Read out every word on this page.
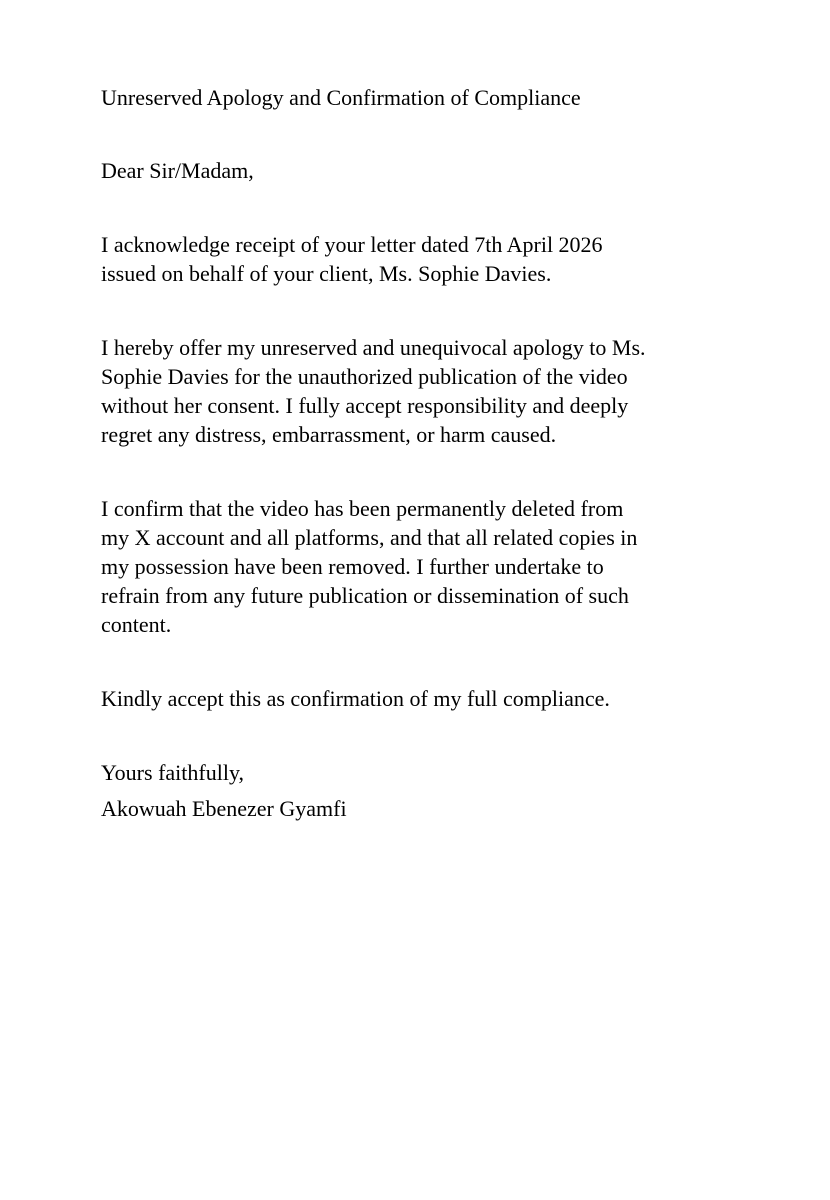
Unreserved Apology and Confirmation of Compliance
Dear Sir/Madam,
I acknowledge receipt of your letter dated 7th April 2026
issued on behalf of your client, Ms. Sophie Davies.
I hereby offer my unreserved and unequivocal apology to Ms.
Sophie Davies for the unauthorized publication of the video
without her consent. I fully accept responsibility and deeply
regret any distress, embarrassment, or harm caused.
I confirm that the video has been permanently deleted from
my X account and all platforms, and that all related copies in
my possession have been removed. I further undertake to
refrain from any future publication or dissemination of such
content.
Kindly accept this as confirmation of my full compliance.
Yours faithfully,
Akowuah Ebenezer Gyamfi
